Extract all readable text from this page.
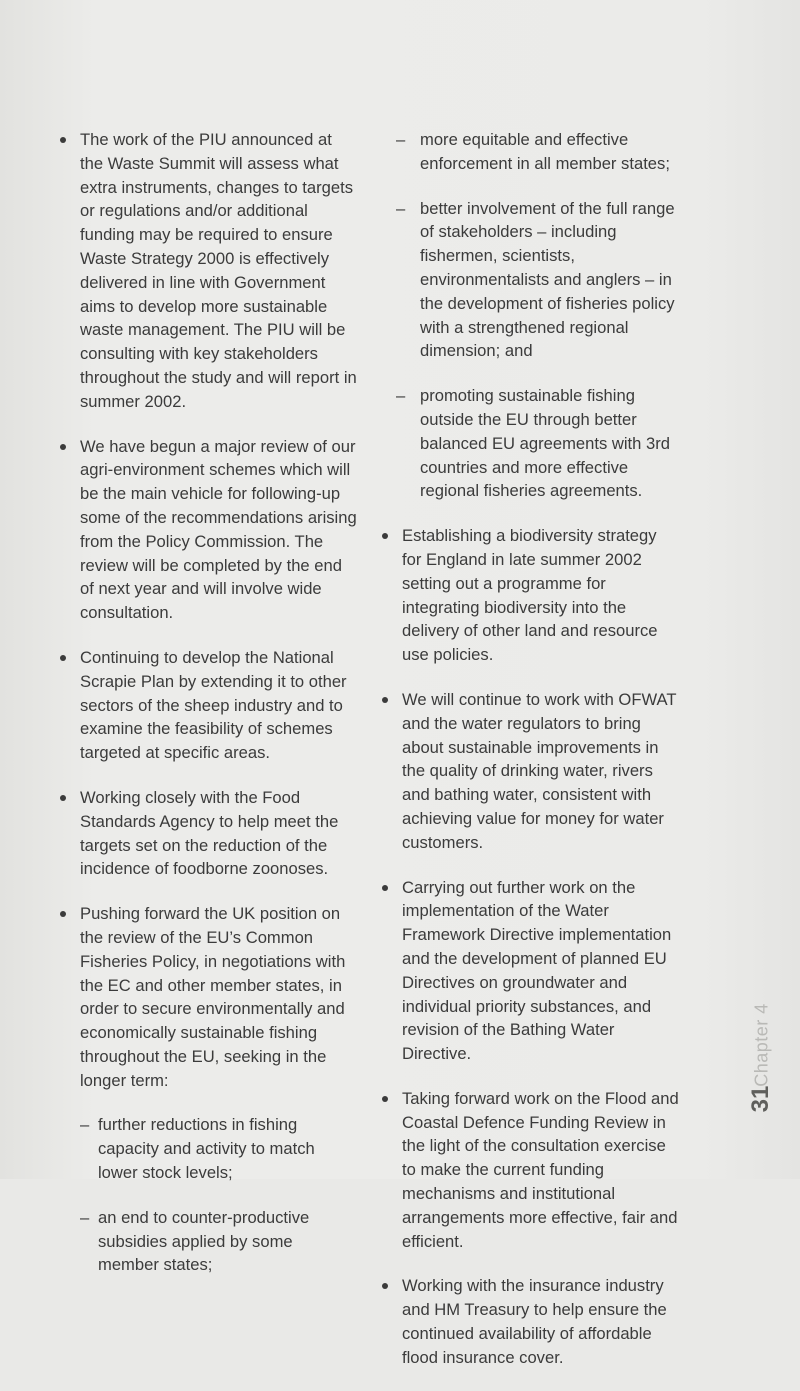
The work of the PIU announced at the Waste Summit will assess what extra instruments, changes to targets or regulations and/or additional funding may be required to ensure Waste Strategy 2000 is effectively delivered in line with Government aims to develop more sustainable waste management. The PIU will be consulting with key stakeholders throughout the study and will report in summer 2002.
We have begun a major review of our agri-environment schemes which will be the main vehicle for following-up some of the recommendations arising from the Policy Commission. The review will be completed by the end of next year and will involve wide consultation.
Continuing to develop the National Scrapie Plan by extending it to other sectors of the sheep industry and to examine the feasibility of schemes targeted at specific areas.
Working closely with the Food Standards Agency to help meet the targets set on the reduction of the incidence of foodborne zoonoses.
Pushing forward the UK position on the review of the EU’s Common Fisheries Policy, in negotiations with the EC and other member states, in order to secure environmentally and economically sustainable fishing throughout the EU, seeking in the longer term:
– further reductions in fishing capacity and activity to match lower stock levels;
– an end to counter-productive subsidies applied by some member states;
– more equitable and effective enforcement in all member states;
– better involvement of the full range of stakeholders – including fishermen, scientists, environmentalists and anglers – in the development of fisheries policy with a strengthened regional dimension; and
– promoting sustainable fishing outside the EU through better balanced EU agreements with 3rd countries and more effective regional fisheries agreements.
Establishing a biodiversity strategy for England in late summer 2002 setting out a programme for integrating biodiversity into the delivery of other land and resource use policies.
We will continue to work with OFWAT and the water regulators to bring about sustainable improvements in the quality of drinking water, rivers and bathing water, consistent with achieving value for money for water customers.
Carrying out further work on the implementation of the Water Framework Directive implementation and the development of planned EU Directives on groundwater and individual priority substances, and revision of the Bathing Water Directive.
Taking forward work on the Flood and Coastal Defence Funding Review in the light of the consultation exercise to make the current funding mechanisms and institutional arrangements more effective, fair and efficient.
Working with the insurance industry and HM Treasury to help ensure the continued availability of affordable flood insurance cover.
Chapter 4
31
